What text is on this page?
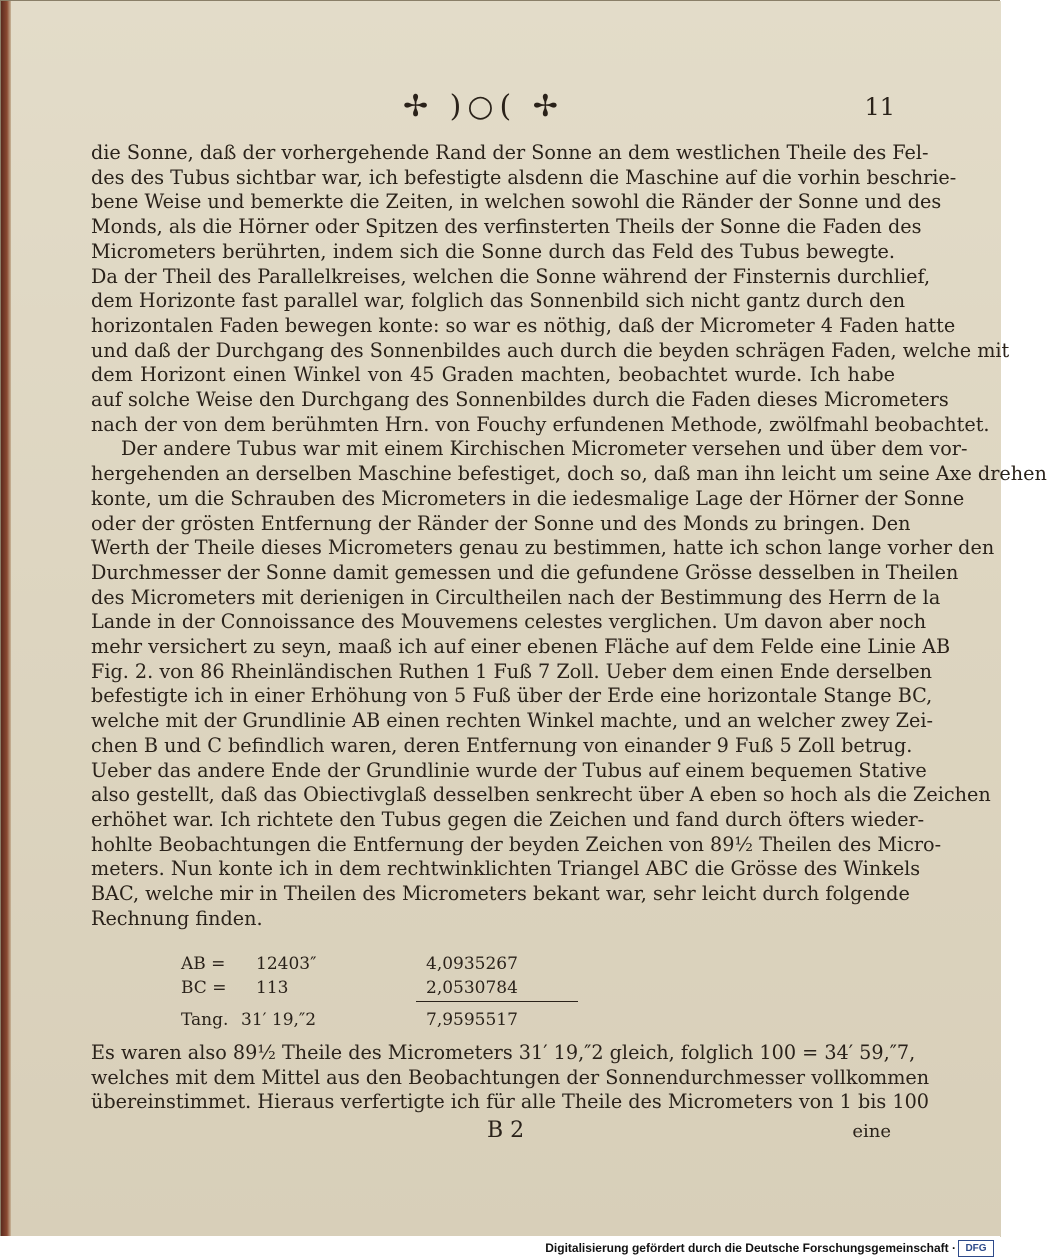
✢ )○( ✢	11
die Sonne, daß der vorhergehende Rand der Sonne an dem westlichen Theile des Fel-
des des Tubus sichtbar war, ich befestigte alsdenn die Maschine auf die vorhin beschrie-
bene Weise und bemerkte die Zeiten, in welchen sowohl die Ränder der Sonne und des
Monds, als die Hörner oder Spitzen des verfinsterten Theils der Sonne die Faden des
Micrometers berührten, indem sich die Sonne durch das Feld des Tubus bewegte.
Da der Theil des Parallelkreises, welchen die Sonne während der Finsternis durchlief,
dem Horizonte fast parallel war, folglich das Sonnenbild sich nicht gantz durch den
horizontalen Faden bewegen konte: so war es nöthig, daß der Micrometer 4 Faden hatte
und daß der Durchgang des Sonnenbildes auch durch die beyden schrägen Faden, welche mit
dem Horizont einen Winkel von 45 Graden machten, beobachtet wurde. Ich habe
auf solche Weise den Durchgang des Sonnenbildes durch die Faden dieses Micrometers
nach der von dem berühmten Hrn. von Fouchy erfundenen Methode, zwölfmahl beobachtet.
Der andere Tubus war mit einem Kirchischen Micrometer versehen und über dem vor-
hergehenden an derselben Maschine befestiget, doch so, daß man ihn leicht um seine Axe drehen
konte, um die Schrauben des Micrometers in die iedesmalige Lage der Hörner der Sonne
oder der grösten Entfernung der Ränder der Sonne und des Monds zu bringen. Den
Werth der Theile dieses Micrometers genau zu bestimmen, hatte ich schon lange vorher den
Durchmesser der Sonne damit gemessen und die gefundene Grösse desselben in Theilen
des Micrometers mit derienigen in Circultheilen nach der Bestimmung des Herrn de la
Lande in der Connoissance des Mouvemens celestes verglichen. Um davon aber noch
mehr versichert zu seyn, maaß ich auf einer ebenen Fläche auf dem Felde eine Linie AB
Fig. 2. von 86 Rheinländischen Ruthen 1 Fuß 7 Zoll. Ueber dem einen Ende derselben
befestigte ich in einer Erhöhung von 5 Fuß über der Erde eine horizontale Stange BC,
welche mit der Grundlinie AB einen rechten Winkel machte, und an welcher zwey Zei-
chen B und C befindlich waren, deren Entfernung von einander 9 Fuß 5 Zoll betrug.
Ueber das andere Ende der Grundlinie wurde der Tubus auf einem bequemen Stative
also gestellt, daß das Obiectivglaß desselben senkrecht über A eben so hoch als die Zeichen
erhöhet war. Ich richtete den Tubus gegen die Zeichen und fand durch öfters wieder-
hohlte Beobachtungen die Entfernung der beyden Zeichen von 89½ Theilen des Micro-
meters. Nun konte ich in dem rechtwinklichten Triangel ABC die Grösse des Winkels
BAC, welche mir in Theilen des Micrometers bekant war, sehr leicht durch folgende
Rechnung finden.
AB = 12403″	4,0935267
BC = 113	2,0530784
Tang. 31′ 19,″2	7,9595517
Es waren also 89½ Theile des Micrometers 31′ 19,″2 gleich, folglich 100 = 34′ 59,″7,
welches mit dem Mittel aus den Beobachtungen der Sonnendurchmesser vollkommen
übereinstimmet. Hieraus verfertigte ich für alle Theile des Micrometers von 1 bis 100
B 2	eine
Digitalisierung gefördert durch die Deutsche Forschungsgemeinschaft · DFG
